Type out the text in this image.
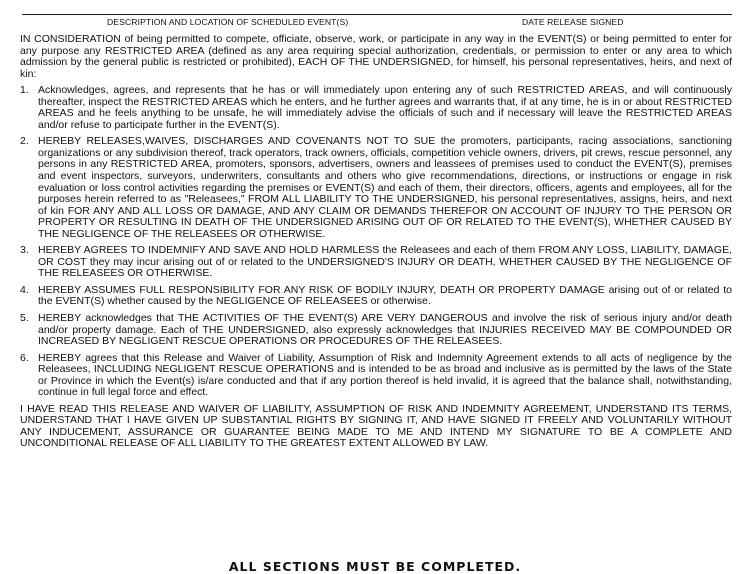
DESCRIPTION AND LOCATION OF SCHEDULED EVENT(S)	DATE RELEASE SIGNED

IN CONSIDERATION of being permitted to compete, officiate, observe, work, or participate in any way in the EVENT(S) or being permitted to enter for any purpose any RESTRICTED AREA (defined as any area requiring special authorization, credentials, or permission to enter or any area to which admission by the general public is restricted or prohibited), EACH OF THE UNDERSIGNED, for himself, his personal representatives, heirs, and next of kin:

1. Acknowledges, agrees, and represents that he has or will immediately upon entering any of such RESTRICTED AREAS, and will continuously thereafter, inspect the RESTRICTED AREAS which he enters, and he further agrees and warrants that, if at any time, he is in or about RESTRICTED AREAS and he feels anything to be unsafe, he will immediately advise the officials of such and if necessary will leave the RESTRICTED AREAS and/or refuse to participate further in the EVENT(S).
2. HEREBY RELEASES,WAIVES, DISCHARGES AND COVENANTS NOT TO SUE the promoters, participants, racing associations, sanctioning organizations or any subdivision thereof, track operators, track owners, officials, competition vehicle owners, drivers, pit crews, rescue personnel, any persons in any RESTRICTED AREA, promoters, sponsors, advertisers, owners and leassees of premises used to conduct the EVENT(S), premises and event inspectors, surveyors, underwriters, consultants and others who give recommendations, directions, or instructions or engage in risk evaluation or loss control activities regarding the premises or EVENT(S) and each of them, their directors, officers, agents and employees, all for the purposes herein referred to as "Releasees," FROM ALL LIABILITY TO THE UNDERSIGNED, his personal representatives, assigns, heirs, and next of kin FOR ANY AND ALL LOSS OR DAMAGE, AND ANY CLAIM OR DEMANDS THEREFOR ON ACCOUNT OF INJURY TO THE PERSON OR PROPERTY OR RESULTING IN DEATH OF THE UNDERSIGNED ARISING OUT OF OR RELATED TO THE EVENT(S), WHETHER CAUSED BY THE NEGLIGENCE OF THE RELEASEES OR OTHERWISE.
3. HEREBY AGREES TO INDEMNIFY AND SAVE AND HOLD HARMLESS the Releasees and each of them FROM ANY LOSS, LIABILITY, DAMAGE, OR COST they may incur arising out of or related to the UNDERSIGNED'S INJURY OR DEATH, WHETHER CAUSED BY THE NEGLIGENCE OF THE RELEASEES OR OTHERWISE.
4. HEREBY ASSUMES FULL RESPONSIBILITY FOR ANY RISK OF BODILY INJURY, DEATH OR PROPERTY DAMAGE arising out of or related to the EVENT(S) whether caused by the NEGLIGENCE OF RELEASEES or otherwise.
5. HEREBY acknowledges that THE ACTIVITIES OF THE EVENT(S) ARE VERY DANGEROUS and involve the risk of serious injury and/or death and/or property damage. Each of THE UNDERSIGNED, also expressly acknowledges that INJURIES RECEIVED MAY BE COMPOUNDED OR INCREASED BY NEGLIGENT RESCUE OPERATIONS OR PROCEDURES OF THE RELEASEES.
6. HEREBY agrees that this Release and Waiver of Liability, Assumption of Risk and Indemnity Agreement extends to all acts of negligence by the Releasees, INCLUDING NEGLIGENT RESCUE OPERATIONS and is intended to be as broad and inclusive as is permitted by the laws of the State or Province in which the Event(s) is/are conducted and that if any portion thereof is held invalid, it is agreed that the balance shall, notwithstanding, continue in full legal force and effect.

I HAVE READ THIS RELEASE AND WAIVER OF LIABILITY, ASSUMPTION OF RISK AND INDEMNITY AGREEMENT, UNDERSTAND ITS TERMS, UNDERSTAND THAT I HAVE GIVEN UP SUBSTANTIAL RIGHTS BY SIGNING IT, AND HAVE SIGNED IT FREELY AND VOLUNTARILY WITHOUT ANY INDUCEMENT, ASSURANCE OR GUARANTEE BEING MADE TO ME AND INTEND MY SIGNATURE TO BE A COMPLETE AND UNCONDITIONAL RELEASE OF ALL LIABILITY TO THE GREATEST EXTENT ALLOWED BY LAW.

ALL SECTIONS MUST BE COMPLETED.
